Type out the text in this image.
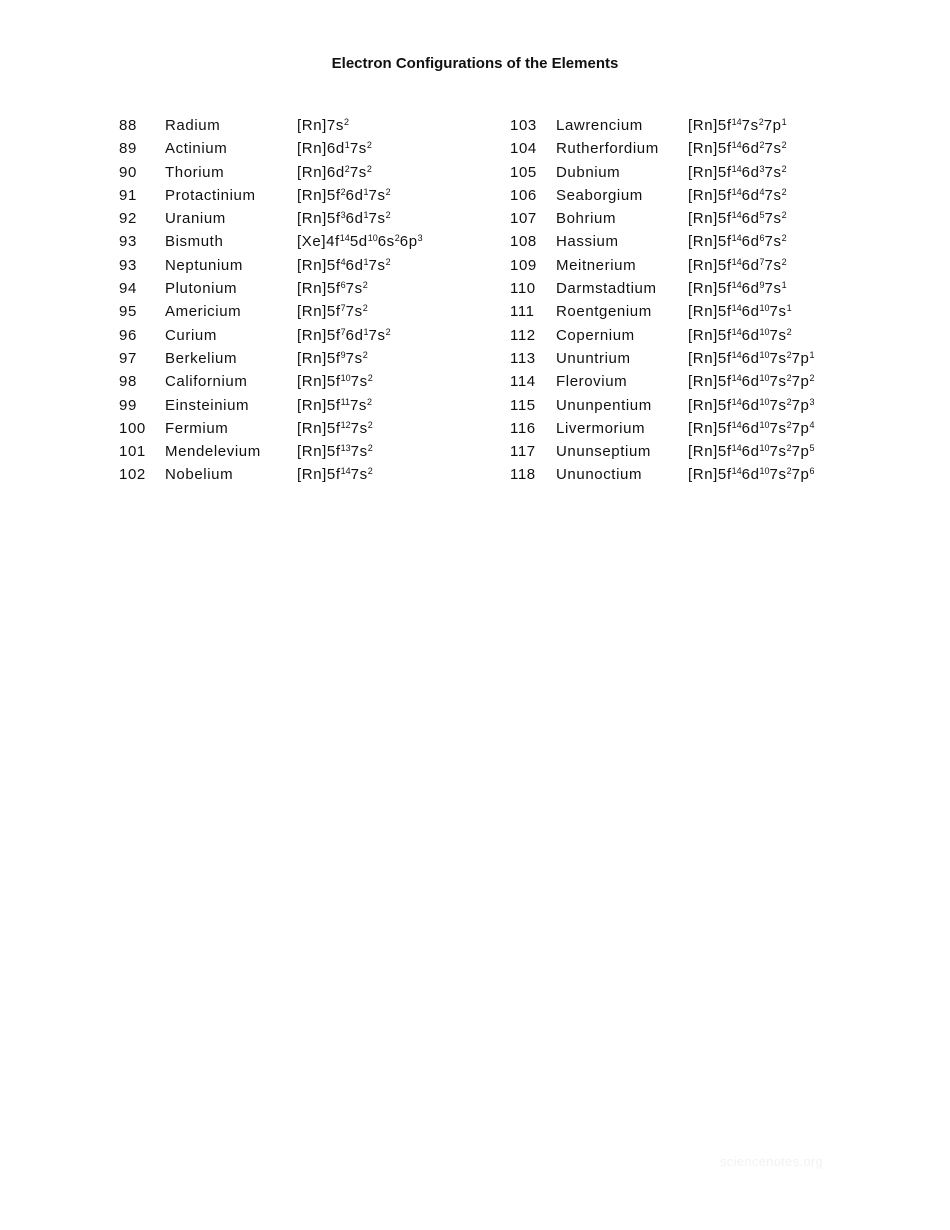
Electron Configurations of the Elements
88 Radium	$[Rn]7s^2$
89 Actinium	$[Rn]6d^17s^2$
90 Thorium	$[Rn]6d^27s^2$
91 Protactinium	$[Rn]5f^26d^17s^2$
92 Uranium	$[Rn]5f^36d^17s^2$
93 Bismuth	$[Xe]4f^{14}5d^{10}6s^26p^3$
93 Neptunium	$[Rn]5f^46d^17s^2$
94 Plutonium	$[Rn]5f^67s^2$
95 Americium	$[Rn]5f^77s^2$
96 Curium	$[Rn]5f^76d^17s^2$
97 Berkelium	$[Rn]5f^97s^2$
98 Californium	$[Rn]5f^{10}7s^2$
99 Einsteinium	$[Rn]5f^{11}7s^2$
100 Fermium	$[Rn]5f^{12}7s^2$
101 Mendelevium $[Rn]5f^{13}7s^2$
102 Nobelium	$[Rn]5f^{14}7s^2$
103 Lawrencium	$[Rn]5f^{14}7s^27p^1$
104 Rutherfordium $[Rn]5f^{14}6d^27s^2$
105 Dubnium	$[Rn]5f^{14}6d^37s^2$
106 Seaborgium	$[Rn]5f^{14}6d^47s^2$
107 Bohrium	$[Rn]5f^{14}6d^57s^2$
108 Hassium	$[Rn]5f^{14}6d^67s^2$
109 Meitnerium	$[Rn]5f^{14}6d^77s^2$
110 Darmstadtium $[Rn]5f^{14}6d^97s^1$
111 Roentgenium $[Rn]5f^{14}6d^{10}7s^1$
112 Copernium	$[Rn]5f^{14}6d^{10}7s^2$
113 Ununtrium	$[Rn]5f^{14}6d^{10}7s^27p^1$
114 Flerovium	$[Rn]5f^{14}6d^{10}7s^27p^2$
115 Ununpentium $[Rn]5f^{14}6d^{10}7s^27p^3$
116 Livermorium	$[Rn]5f^{14}6d^{10}7s^27p^4$
117 Ununseptium $[Rn]5f^{14}6d^{10}7s^27p^5$
118 Ununoctium	$[Rn]5f^{14}6d^{10}7s^27p^6$
sciencenotes.org
